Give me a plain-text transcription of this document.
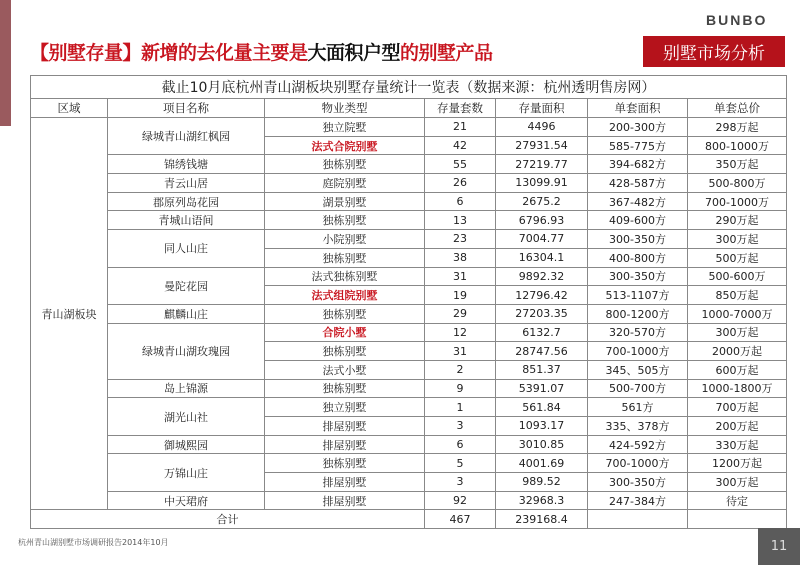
BUNBO
【别墅存量】新增的去化量主要是大面积户型的别墅产品	别墅市场分析
截止10月底杭州青山湖板块别墅存量统计一览表（数据来源：杭州透明售房网）						
区域	项目名称	物业类型	存量套数	存量面积	单套面积	单套总价
青山湖板块	绿城青山湖红枫园	独立院墅	21	4496	200-300方	298万起
		法式合院别墅	42	27931.54	585-775方	800-1000万
	锦绣钱塘	独栋别墅	55	27219.77	394-682方	350万起
	青云山居	庭院别墅	26	13099.91	428-587方	500-800万
	郡原列岛花园	湖景别墅	6	2675.2	367-482方	700-1000万
	青城山语间	独栋别墅	13	6796.93	409-600方	290万起
	同人山庄	小院别墅	23	7004.77	300-350方	300万起
		独栋别墅	38	16304.1	400-800方	500万起
	曼陀花园	法式独栋别墅	31	9892.32	300-350方	500-600万
		法式组院别墅	19	12796.42	513-1107方	850万起
	麒麟山庄	独栋别墅	29	27203.35	800-1200方	1000-7000万
	绿城青山湖玫瑰园	合院小墅	12	6132.7	320-570方	300万起
		独栋别墅	31	28747.56	700-1000方	2000万起
		法式小墅	2	851.37	345、505方	600万起
	岛上锦源	独栋别墅	9	5391.07	500-700方	1000-1800万
	湖光山社	独立别墅	1	561.84	561方	700万起
		排屋别墅	3	1093.17	335、378方	200万起
	御城熙园	排屋别墅	6	3010.85	424-592方	330万起
	万锦山庄	独栋别墅	5	4001.69	700-1000方	1200万起
		排屋别墅	3	989.52	300-350方	300万起
	中天珺府	排屋别墅	92	32968.3	247-384方	待定
合计			467	239168.4		
杭州青山湖别墅市场调研报告2014年10月	11
